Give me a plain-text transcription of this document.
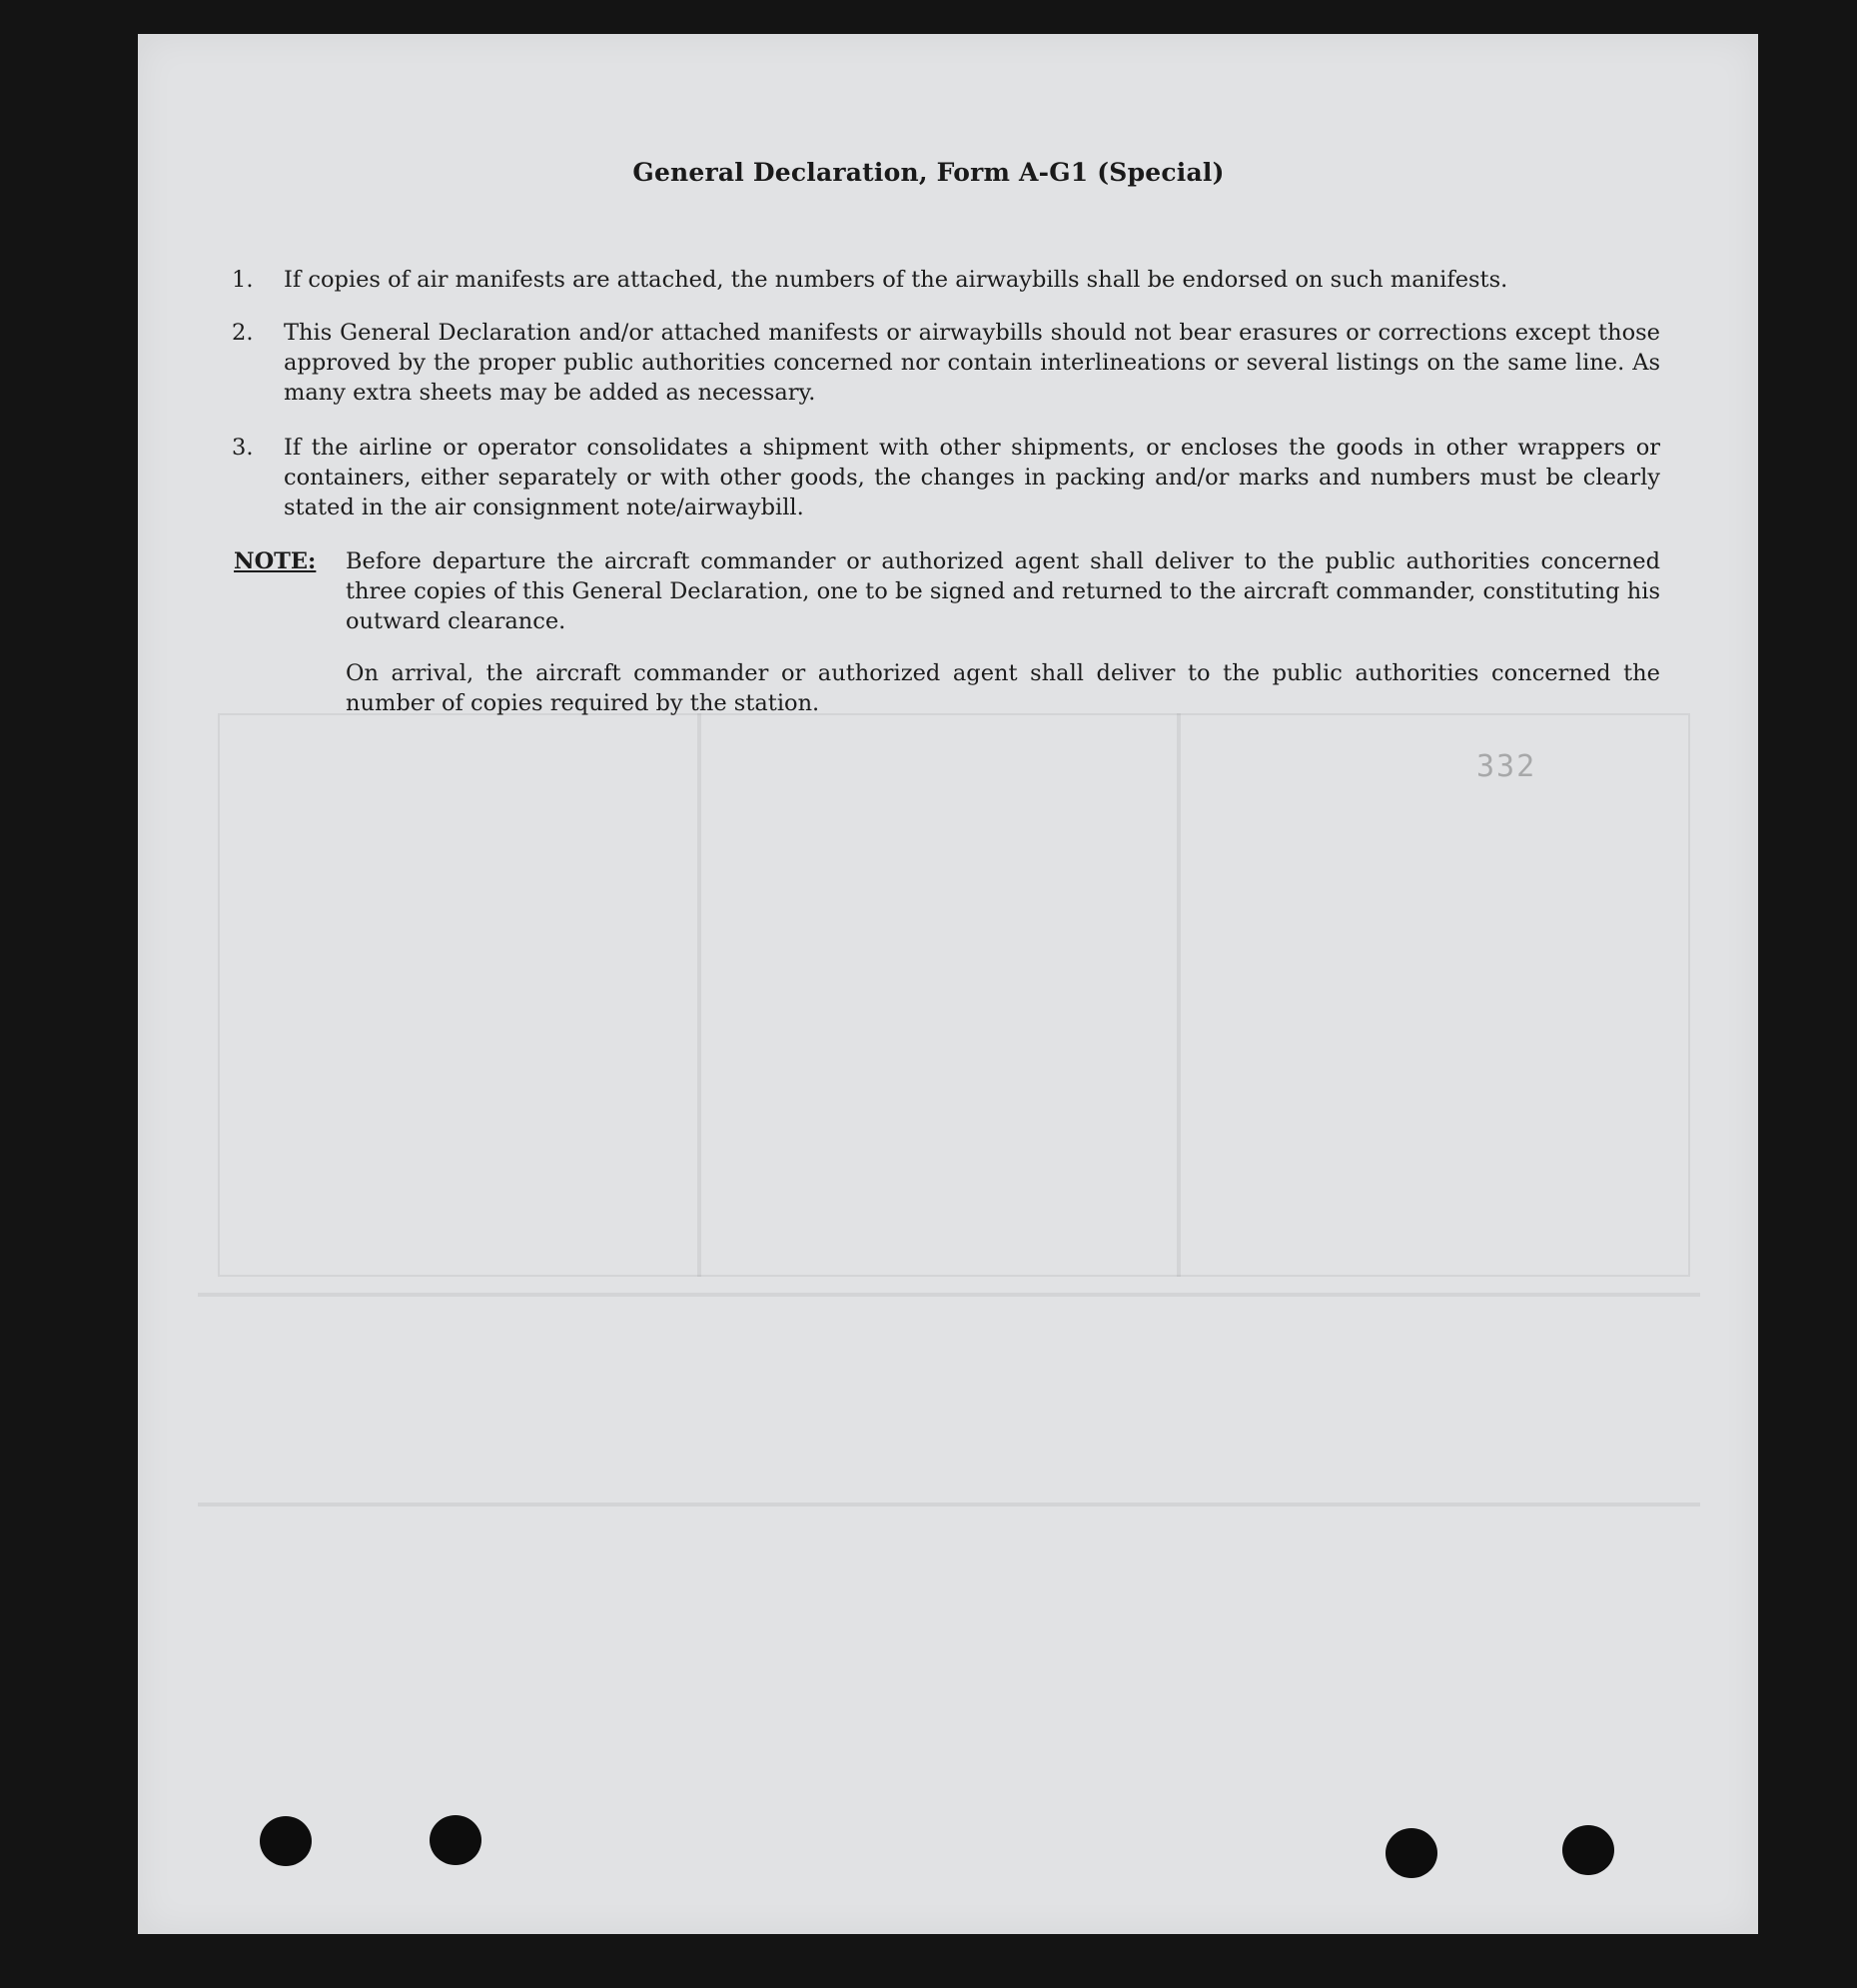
General Declaration, Form A-G1 (Special)
1.	If copies of air manifests are attached, the numbers of the airwaybills shall be endorsed on such manifests.
2.	This General Declaration and/or attached manifests or airwaybills should not bear erasures or corrections except those approved by the proper public authorities concerned nor contain interlineations or several listings on the same line. As many extra sheets may be added as necessary.
3.	If the airline or operator consolidates a shipment with other shipments, or encloses the goods in other wrappers or containers, either separately or with other goods, the changes in packing and/or marks and numbers must be clearly stated in the air consignment note/airwaybill.
NOTE: Before departure the aircraft commander or authorized agent shall deliver to the public authorities concerned three copies of this General Declaration, one to be signed and returned to the aircraft commander, constituting his outward clearance.
On arrival, the aircraft commander or authorized agent shall deliver to the public authorities concerned the number of copies required by the station.
332
